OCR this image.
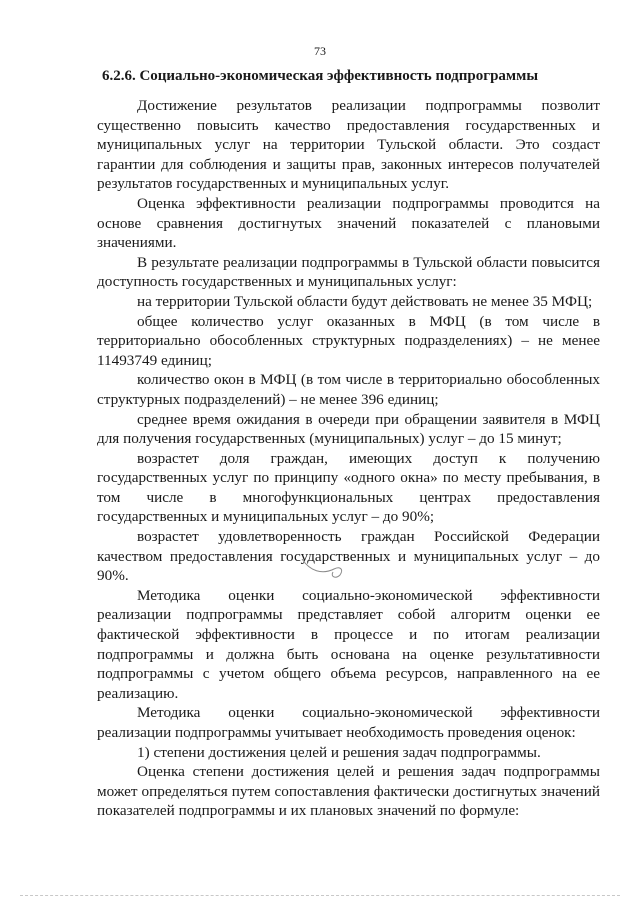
73
6.2.6. Социально-экономическая эффективность подпрограммы

Достижение результатов реализации подпрограммы позволит существенно повысить качество предоставления государственных и муниципальных услуг на территории Тульской области. Это создаст гарантии для соблюдения и защиты прав, законных интересов получателей результатов государственных и муниципальных услуг.

Оценка эффективности реализации подпрограммы проводится на основе сравнения достигнутых значений показателей с плановыми значениями.

В результате реализации подпрограммы в Тульской области повысится доступность государственных и муниципальных услуг:

на территории Тульской области будут действовать не менее 35 МФЦ;

общее количество услуг оказанных в МФЦ (в том числе в территориально обособленных структурных подразделениях) – не менее 11493749 единиц;

количество окон в МФЦ (в том числе в территориально обособленных структурных подразделений) – не менее 396 единиц;

среднее время ожидания в очереди при обращении заявителя в МФЦ для получения государственных (муниципальных) услуг – до 15 минут;

возрастет доля граждан, имеющих доступ к получению государственных услуг по принципу «одного окна» по месту пребывания, в том числе в многофункциональных центрах предоставления государственных и муниципальных услуг – до 90%;

возрастет удовлетворенность граждан Российской Федерации качеством предоставления государственных и муниципальных услуг – до 90%.

Методика оценки социально-экономической эффективности реализации подпрограммы представляет собой алгоритм оценки ее фактической эффективности в процессе и по итогам реализации подпрограммы и должна быть основана на оценке результативности подпрограммы с учетом общего объема ресурсов, направленного на ее реализацию.

Методика оценки социально-экономической эффективности реализации подпрограммы учитывает необходимость проведения оценок:

1) степени достижения целей и решения задач подпрограммы.

Оценка степени достижения целей и решения задач подпрограммы может определяться путем сопоставления фактически достигнутых значений показателей подпрограммы и их плановых значений по формуле:
